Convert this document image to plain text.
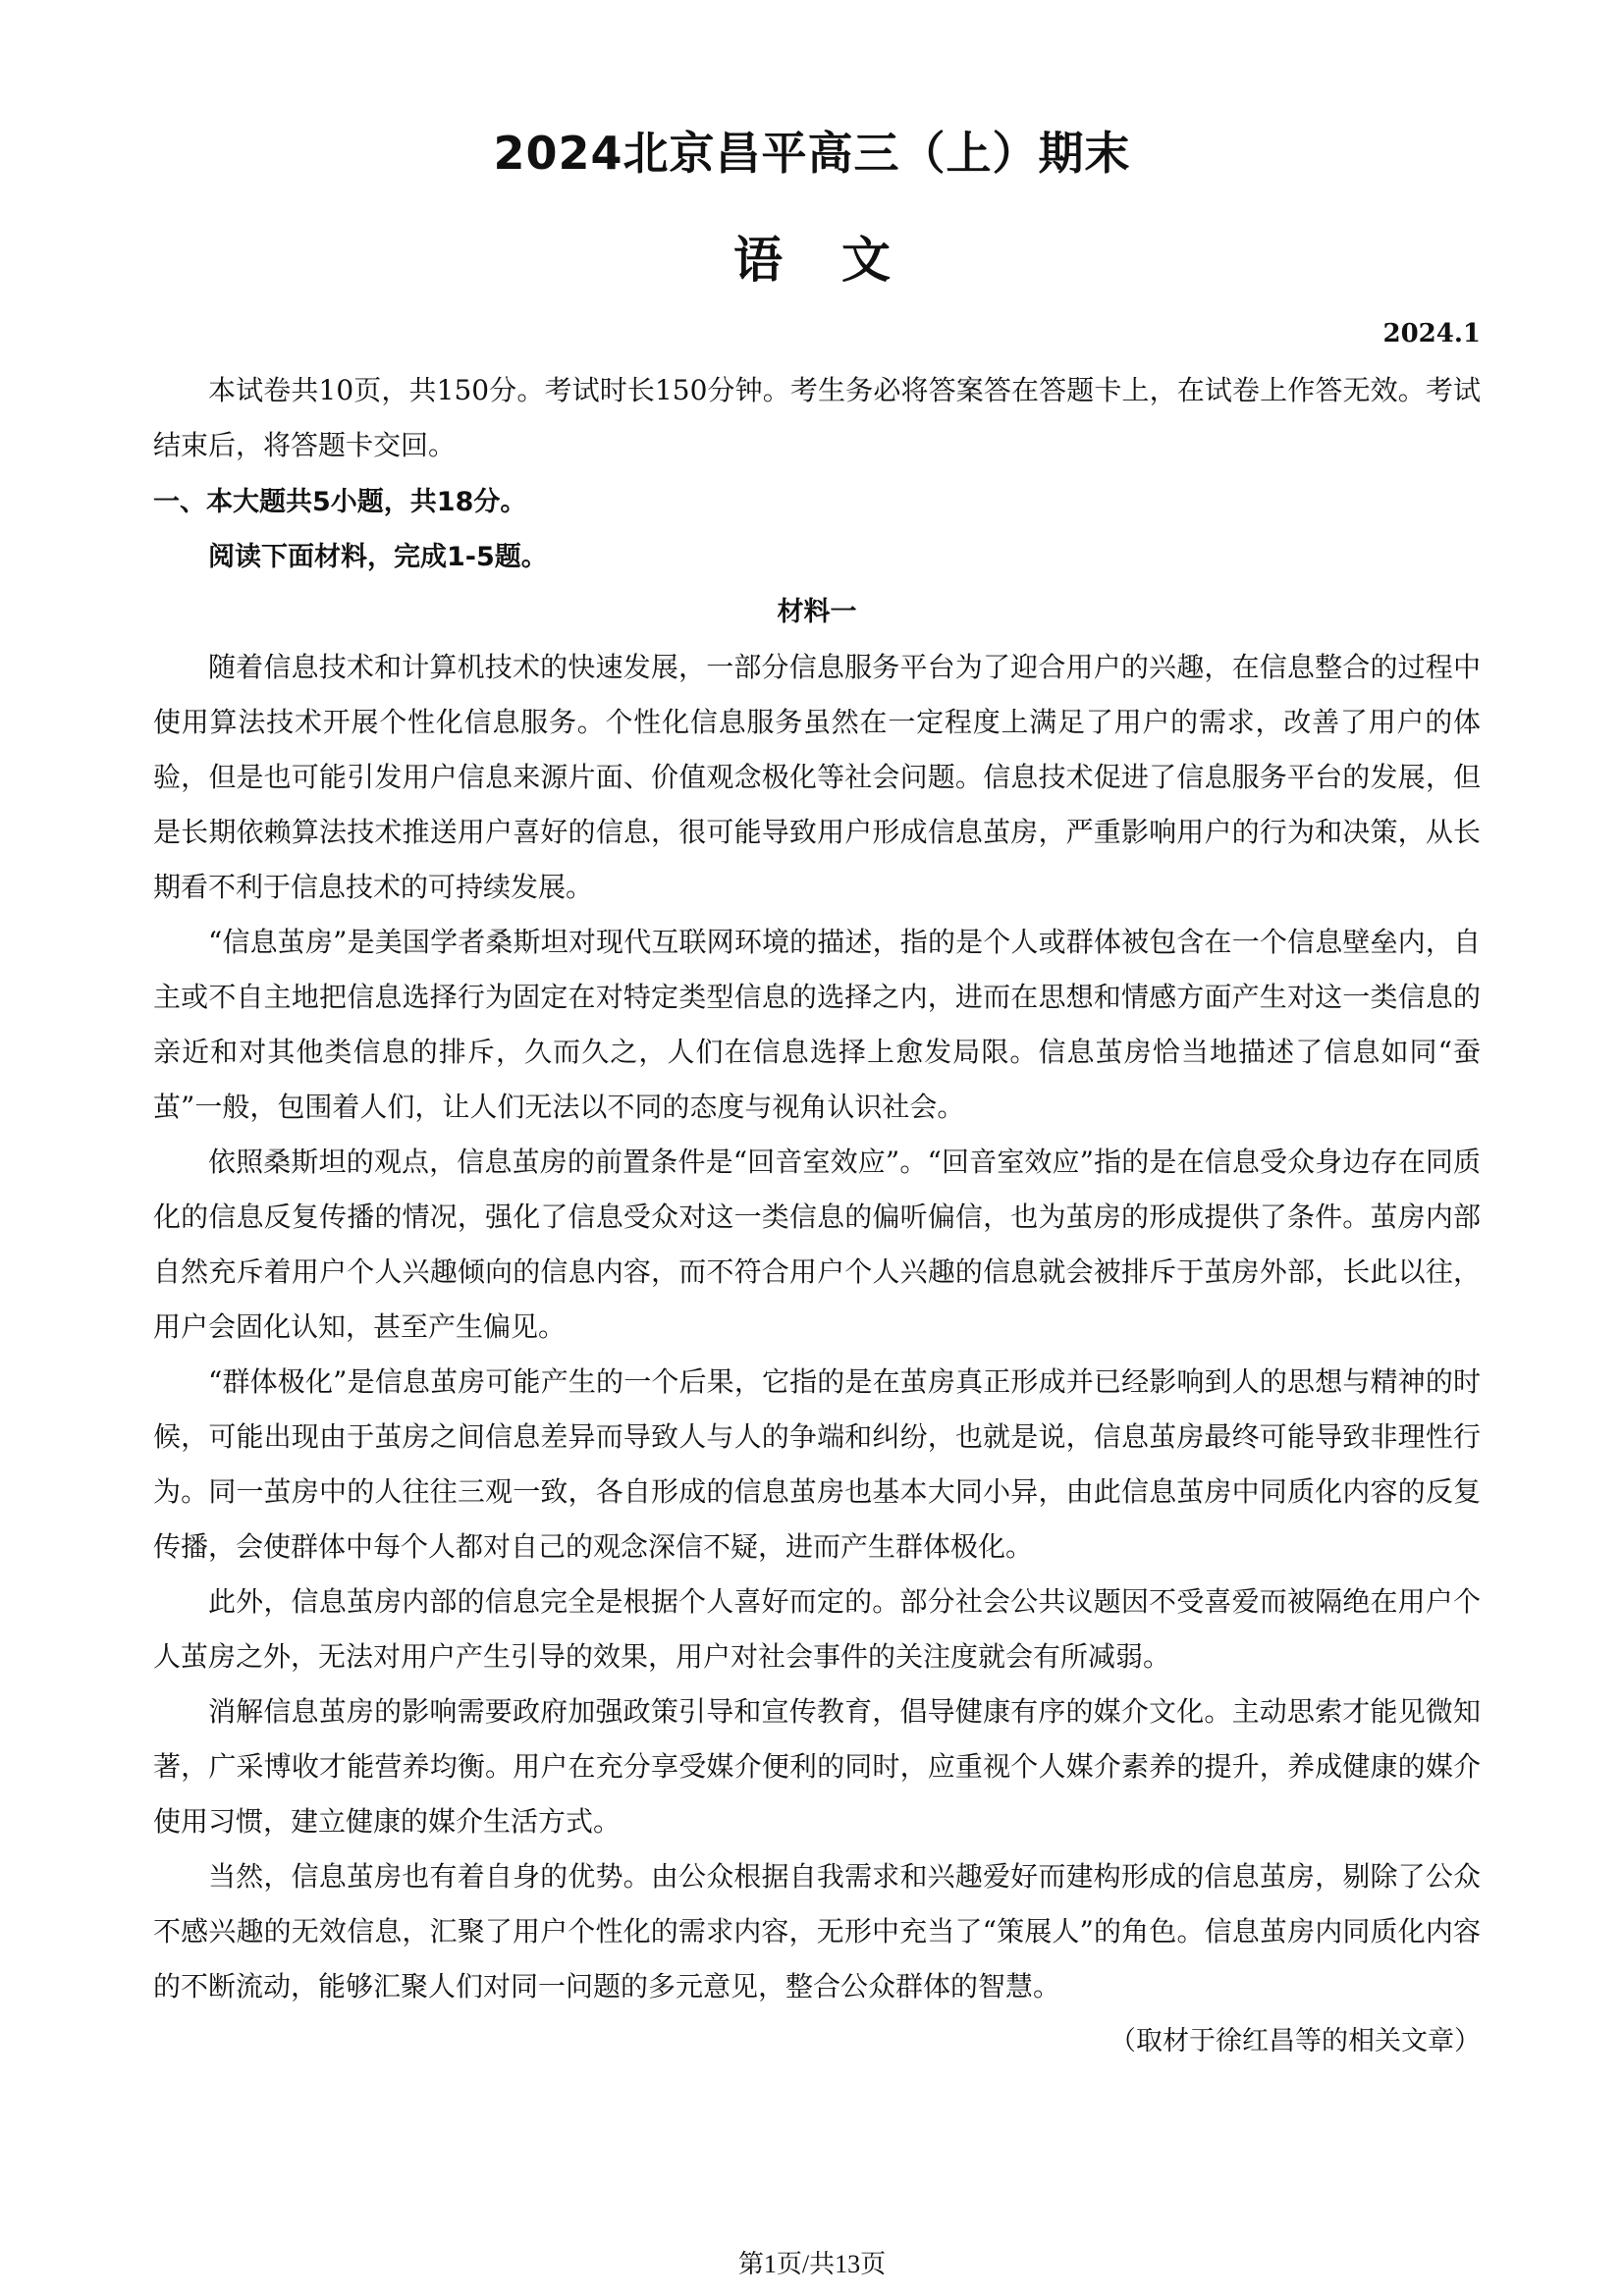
2024北京昌平高三（上）期末
语文
2024.1

本试卷共10页，共150分。考试时长150分钟。考生务必将答案答在答题卡上，在试卷上作答无效。考试结束后，将答题卡交回。

一、本大题共5小题，共18分。

阅读下面材料，完成1-5题。

材料一

随着信息技术和计算机技术的快速发展，一部分信息服务平台为了迎合用户的兴趣，在信息整合的过程中使用算法技术开展个性化信息服务。个性化信息服务虽然在一定程度上满足了用户的需求，改善了用户的体验，但是也可能引发用户信息来源片面、价值观念极化等社会问题。信息技术促进了信息服务平台的发展，但是长期依赖算法技术推送用户喜好的信息，很可能导致用户形成信息茧房，严重影响用户的行为和决策，从长期看不利于信息技术的可持续发展。

“信息茧房”是美国学者桑斯坦对现代互联网环境的描述，指的是个人或群体被包含在一个信息壁垒内，自主或不自主地把信息选择行为固定在对特定类型信息的选择之内，进而在思想和情感方面产生对这一类信息的亲近和对其他类信息的排斥，久而久之，人们在信息选择上愈发局限。信息茧房恰当地描述了信息如同“蚕茧”一般，包围着人们，让人们无法以不同的态度与视角认识社会。

依照桑斯坦的观点，信息茧房的前置条件是“回音室效应”。“回音室效应”指的是在信息受众身边存在同质化的信息反复传播的情况，强化了信息受众对这一类信息的偏听偏信，也为茧房的形成提供了条件。茧房内部自然充斥着用户个人兴趣倾向的信息内容，而不符合用户个人兴趣的信息就会被排斥于茧房外部，长此以往，用户会固化认知，甚至产生偏见。

“群体极化”是信息茧房可能产生的一个后果，它指的是在茧房真正形成并已经影响到人的思想与精神的时候，可能出现由于茧房之间信息差异而导致人与人的争端和纠纷，也就是说，信息茧房最终可能导致非理性行为。同一茧房中的人往往三观一致，各自形成的信息茧房也基本大同小异，由此信息茧房中同质化内容的反复传播，会使群体中每个人都对自己的观念深信不疑，进而产生群体极化。

此外，信息茧房内部的信息完全是根据个人喜好而定的。部分社会公共议题因不受喜爱而被隔绝在用户个人茧房之外，无法对用户产生引导的效果，用户对社会事件的关注度就会有所减弱。

消解信息茧房的影响需要政府加强政策引导和宣传教育，倡导健康有序的媒介文化。主动思索才能见微知著，广采博收才能营养均衡。用户在充分享受媒介便利的同时，应重视个人媒介素养的提升，养成健康的媒介使用习惯，建立健康的媒介生活方式。

当然，信息茧房也有着自身的优势。由公众根据自我需求和兴趣爱好而建构形成的信息茧房，剔除了公众不感兴趣的无效信息，汇聚了用户个性化的需求内容，无形中充当了“策展人”的角色。信息茧房内同质化内容的不断流动，能够汇聚人们对同一问题的多元意见，整合公众群体的智慧。

（取材于徐红昌等的相关文章）

第1页/共13页
